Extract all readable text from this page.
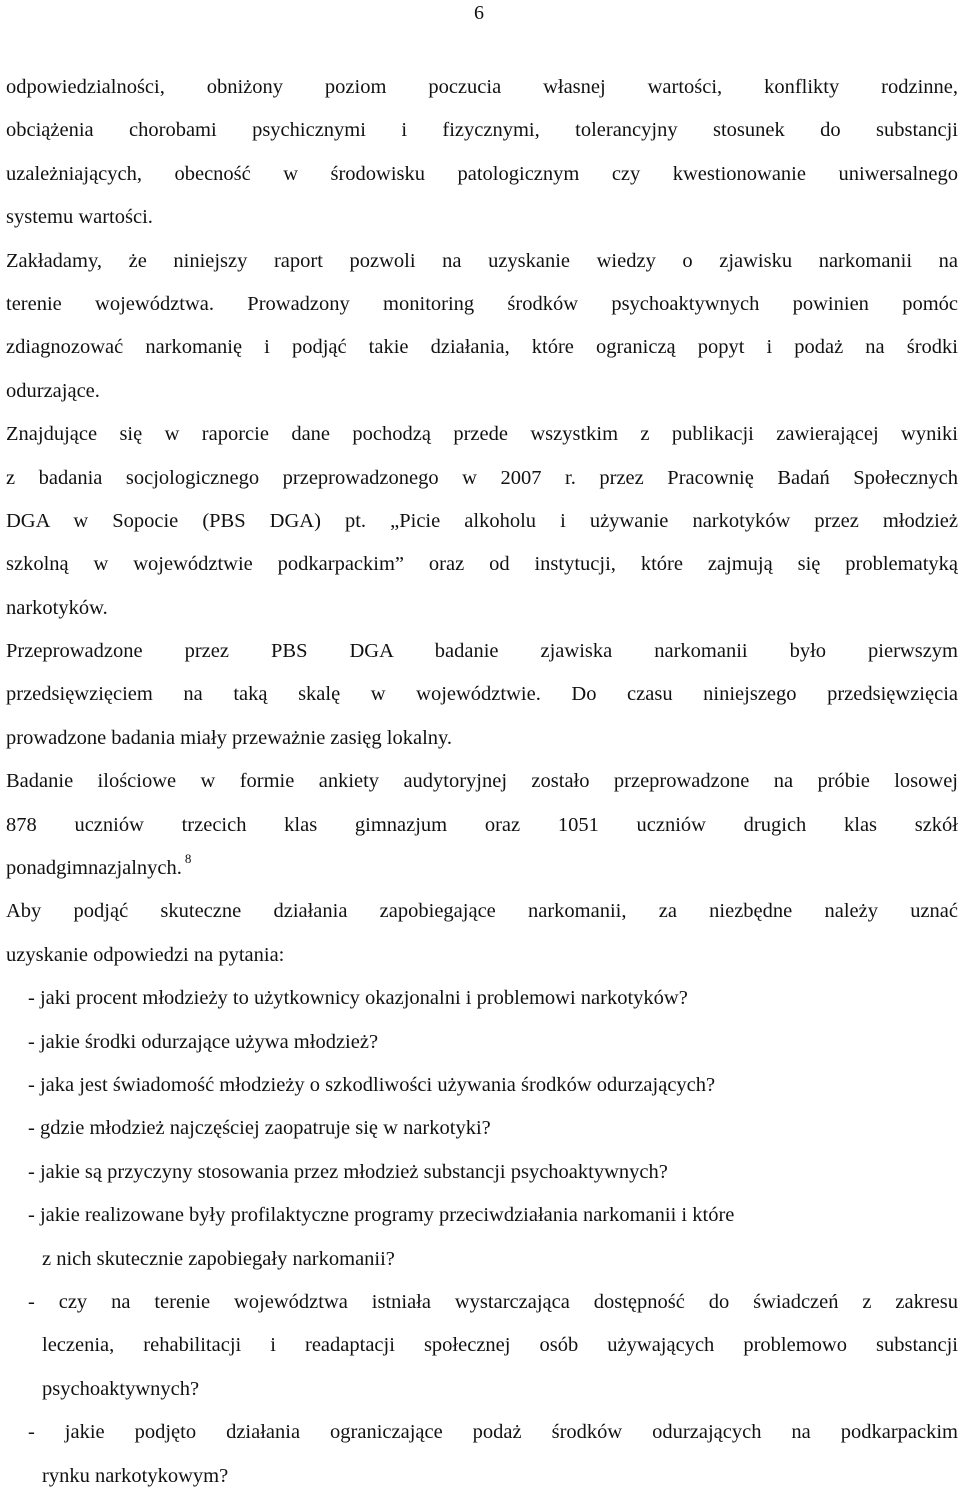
6
odpowiedzialności, obniżony poziom poczucia własnej wartości, konflikty rodzinne,
obciążenia chorobami psychicznymi i fizycznymi, tolerancyjny stosunek do substancji
uzależniających, obecność w środowisku patologicznym czy kwestionowanie uniwersalnego
systemu wartości.
Zakładamy, że niniejszy raport pozwoli na uzyskanie wiedzy o zjawisku narkomanii na
terenie województwa. Prowadzony monitoring środków psychoaktywnych powinien pomóc
zdiagnozować narkomanię i podjąć takie działania, które ograniczą popyt i podaż na środki
odurzające.
Znajdujące się w raporcie dane pochodzą przede wszystkim z publikacji zawierającej wyniki
z badania socjologicznego przeprowadzonego w 2007 r. przez Pracownię Badań Społecznych
DGA w Sopocie (PBS DGA) pt. „Picie alkoholu i używanie narkotyków przez młodzież
szkolną w województwie podkarpackim” oraz od instytucji, które zajmują się problematyką
narkotyków.
Przeprowadzone przez PBS DGA badanie zjawiska narkomanii było pierwszym
przedsięwzięciem na taką skalę w województwie. Do czasu niniejszego przedsięwzięcia
prowadzone badania miały przeważnie zasięg lokalny.
Badanie ilościowe w formie ankiety audytoryjnej zostało przeprowadzone na próbie losowej
878 uczniów trzecich klas gimnazjum oraz 1051 uczniów drugich klas szkół
ponadgimnazjalnych. $^8$
Aby podjąć skuteczne działania zapobiegające narkomanii, za niezbędne należy uznać
uzyskanie odpowiedzi na pytania:
- jaki procent młodzieży to użytkownicy okazjonalni i problemowi narkotyków?
- jakie środki odurzające używa młodzież?
- jaka jest świadomość młodzieży o szkodliwości używania środków odurzających?
- gdzie młodzież najczęściej zaopatruje się w narkotyki?
- jakie są przyczyny stosowania przez młodzież substancji psychoaktywnych?
- jakie realizowane były profilaktyczne programy przeciwdziałania narkomanii i które
z nich skutecznie zapobiegały narkomanii?
- czy na terenie województwa istniała wystarczająca dostępność do świadczeń z zakresu
leczenia, rehabilitacji i readaptacji społecznej osób używających problemowo substancji
psychoaktywnych?
- jakie podjęto działania ograniczające podaż środków odurzających na podkarpackim
rynku narkotykowym?
